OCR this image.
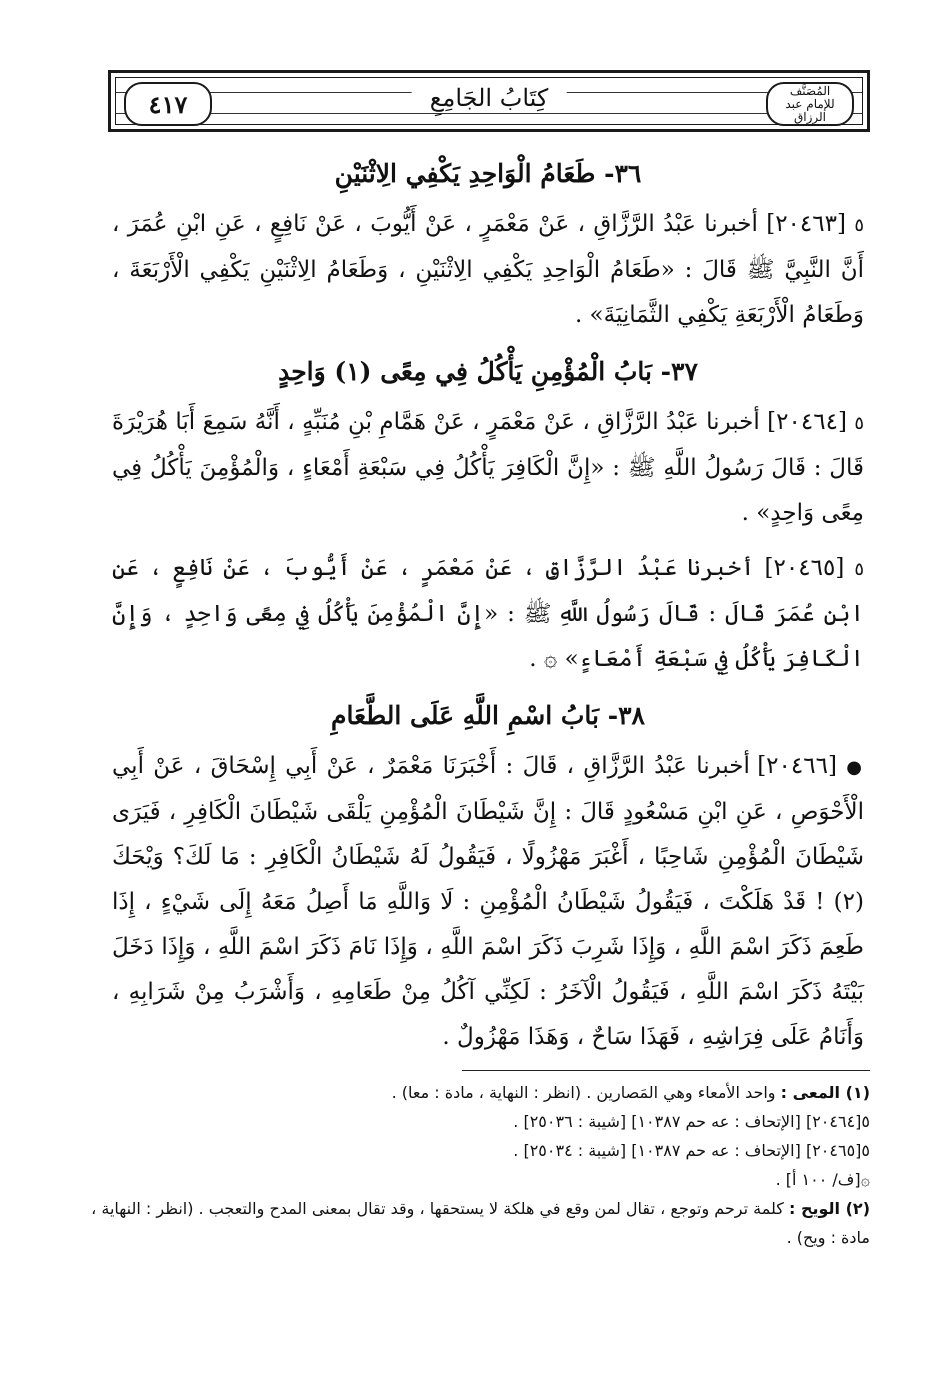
المُصَنَّف
للإمام عبد الرزاق
كِتَابُ الجَامِعِ
٤١٧
٣٦- طَعَامُ الْوَاحِدِ يَكْفِي الِاثْنَيْنِ

٥ [٢٠٤٦٣] أخبرنا عَبْدُ الرَّزَّاقِ ، عَنْ مَعْمَرٍ ، عَنْ أَيُّوبَ ، عَنْ نَافِعٍ ، عَنِ ابْنِ عُمَرَ ، أَنَّ النَّبِيَّ ﷺ قَالَ : «طَعَامُ الْوَاحِدِ يَكْفِي الِاثْنَيْنِ ، وَطَعَامُ الِاثْنَيْنِ يَكْفِي الْأَرْبَعَةَ ، وَطَعَامُ الْأَرْبَعَةِ يَكْفِي الثَّمَانِيَةَ» .

٣٧- بَابُ الْمُؤْمِنِ يَأْكُلُ فِي مِعًى (١) وَاحِدٍ

٥ [٢٠٤٦٤] أخبرنا عَبْدُ الرَّزَّاقِ ، عَنْ مَعْمَرٍ ، عَنْ هَمَّامِ بْنِ مُنَبِّهٍ ، أَنَّهُ سَمِعَ أَبَا هُرَيْرَةَ قَالَ : قَالَ رَسُولُ اللَّهِ ﷺ : «إِنَّ الْكَافِرَ يَأْكُلُ فِي سَبْعَةِ أَمْعَاءٍ ، وَالْمُؤْمِنَ يَأْكُلُ فِي مِعًى وَاحِدٍ» .

٥ [٢٠٤٦٥] أخبرنا عَبْدُ الرَّزَّاقِ ، عَنْ مَعْمَرٍ ، عَنْ أَيُّوبَ ، عَنْ نَافِعٍ ، عَنِ ابْنِ عُمَرَ قَالَ : قَالَ رَسُولُ اللَّهِ ﷺ : «إِنَّ الْمُؤْمِنَ يَأْكُلُ فِي مِعًى وَاحِدٍ ، وَإِنَّ الْكَافِرَ يَأْكُلُ فِي سَبْعَةِ أَمْعَاءٍ» ۞ .

٣٨- بَابُ اسْمِ اللَّهِ عَلَى الطَّعَامِ

● [٢٠٤٦٦] أخبرنا عَبْدُ الرَّزَّاقِ ، قَالَ : أَخْبَرَنَا مَعْمَرٌ ، عَنْ أَبِي إِسْحَاقَ ، عَنْ أَبِي الْأَحْوَصِ ، عَنِ ابْنِ مَسْعُودٍ قَالَ : إِنَّ شَيْطَانَ الْمُؤْمِنِ يَلْقَى شَيْطَانَ الْكَافِرِ ، فَيَرَى شَيْطَانَ الْمُؤْمِنِ شَاحِبًا ، أَغْبَرَ مَهْزُولًا ، فَيَقُولُ لَهُ شَيْطَانُ الْكَافِرِ : مَا لَكَ؟ وَيْحَكَ (٢) ! قَدْ هَلَكْتَ ، فَيَقُولُ شَيْطَانُ الْمُؤْمِنِ : لَا وَاللَّهِ مَا أَصِلُ مَعَهُ إِلَى شَيْءٍ ، إِذَا طَعِمَ ذَكَرَ اسْمَ اللَّهِ ، وَإِذَا شَرِبَ ذَكَرَ اسْمَ اللَّهِ ، وَإِذَا نَامَ ذَكَرَ اسْمَ اللَّهِ ، وَإِذَا دَخَلَ بَيْتَهُ ذَكَرَ اسْمَ اللَّهِ ، فَيَقُولُ الْآخَرُ : لَكِنِّي آكُلُ مِنْ طَعَامِهِ ، وَأَشْرَبُ مِنْ شَرَابِهِ ، وَأَنَامُ عَلَى فِرَاشِهِ ، فَهَذَا سَاحٌ ، وَهَذَا مَهْزُولٌ .

(١) المعى : واحد الأمعاء وهي المَصارين . (انظر : النهاية ، مادة : معا) .

٥[٢٠٤٦٤] [الإتحاف : عه حم ١٠٣٨٧] [شيبة : ٢٥٠٣٦] .

٥[٢٠٤٦٥] [الإتحاف : عه حم ١٠٣٨٧] [شيبة : ٢٥٠٣٤] .

۞[ف/ ١٠٠ أ] .

(٢) الويح : كلمة ترحم وتوجع ، تقال لمن وقع في هلكة لا يستحقها ، وقد تقال بمعنى المدح والتعجب . (انظر : النهاية ، مادة : ويح) .
